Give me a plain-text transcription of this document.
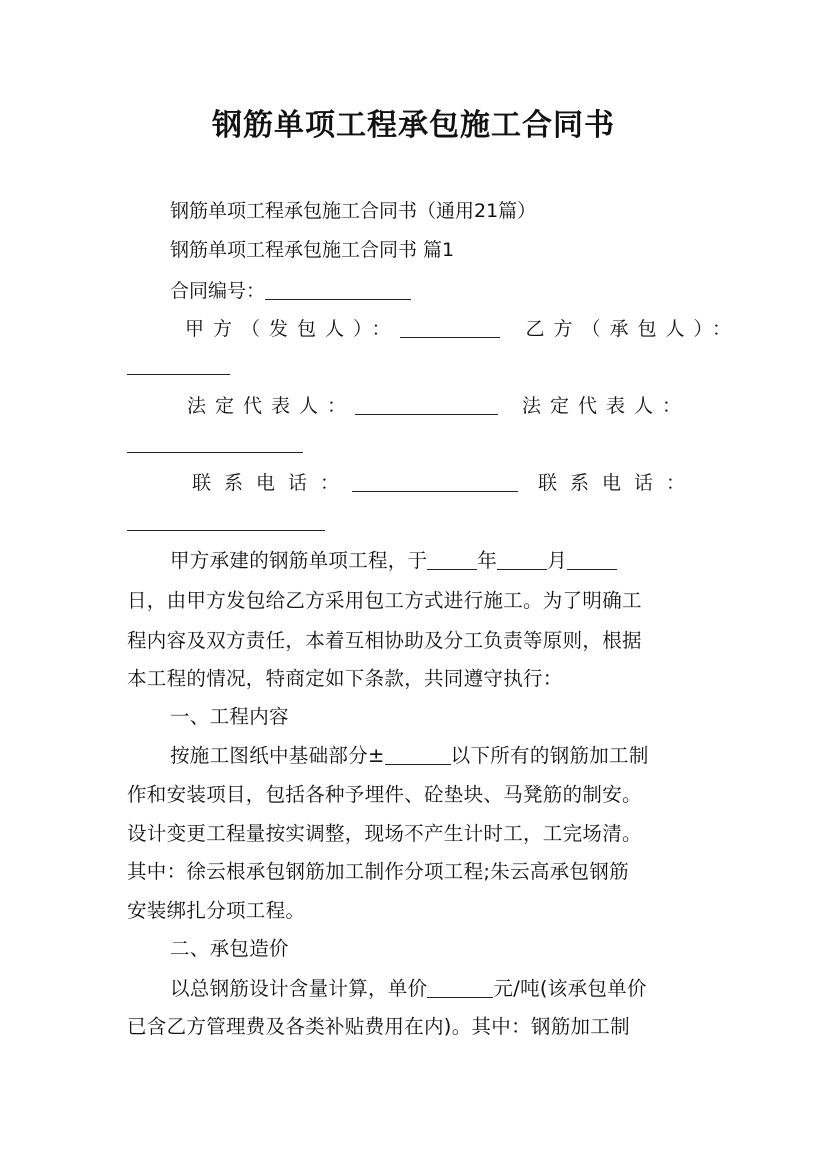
钢筋单项工程承包施工合同书
钢筋单项工程承包施工合同书（通用21篇）
钢筋单项工程承包施工合同书 篇1
合同编号：
甲方（发包人）：	乙方（承包人）：
法定代表人：	法定代表人：
联系电话：	联系电话：
甲方承建的钢筋单项工程，于	年	月
日，由甲方发包给乙方采用包工方式进行施工。为了明确工
程内容及双方责任，本着互相协助及分工负责等原则，根据
本工程的情况，特商定如下条款，共同遵守执行：
一、工程内容
按施工图纸中基础部分±	以下所有的钢筋加工制
作和安装项目，包括各种予埋件、砼垫块、马凳筋的制安。
设计变更工程量按实调整，现场不产生计时工，工完场清。
其中：徐云根承包钢筋加工制作分项工程;朱云高承包钢筋
安装绑扎分项工程。
二、承包造价
以总钢筋设计含量计算，单价	元/吨(该承包单价
已含乙方管理费及各类补贴费用在内)。其中：钢筋加工制
